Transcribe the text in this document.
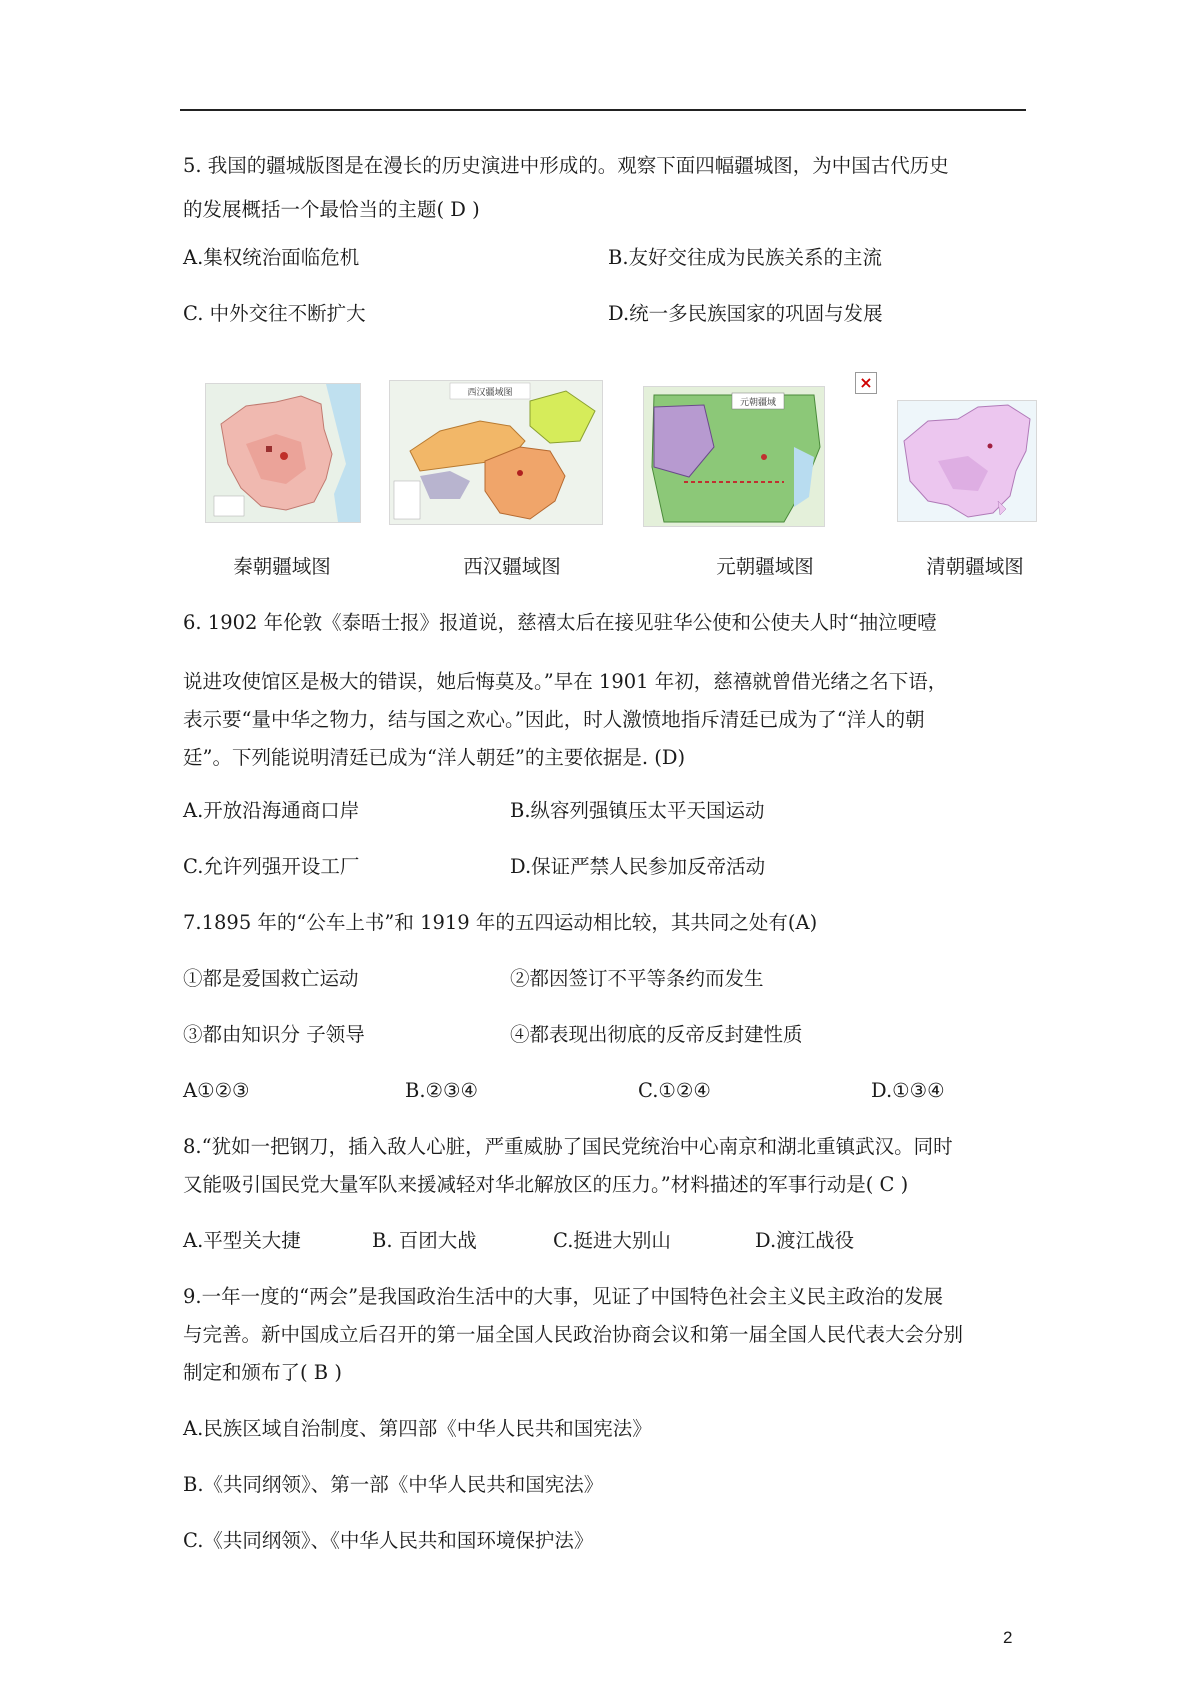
5. 我国的疆城版图是在漫长的历史演进中形成的。观察下面四幅疆城图，为中国古代历史
的发展概括一个最恰当的主题( D )
A.集权统治面临危机	B.友好交往成为民族关系的主流
C. 中外交往不断扩大	D.统一多民族国家的巩固与发展
秦朝疆域图
西汉疆域图
西汉疆域图
元朝疆域
元朝疆域图
×
清朝疆域图
6. 1902 年伦敦《泰晤士报》报道说，慈禧太后在接见驻华公使和公使夫人时“抽泣哽噎
说进攻使馆区是极大的错误，她后悔莫及。”早在 1901 年初，慈禧就曾借光绪之名下语，
表示要“量中华之物力，结与国之欢心。”因此，时人激愤地指斥清廷已成为了“洋人的朝
廷”。下列能说明清廷已成为“洋人朝廷”的主要依据是. (D)
A.开放沿海通商口岸	B.纵容列强镇压太平天国运动
C.允许列强开设工厂	D.保证严禁人民参加反帝活动
7.1895 年的“公车上书”和 1919 年的五四运动相比较，其共同之处有(A)
①都是爱国救亡运动	②都因签订不平等条约而发生
③都由知识分 子领导	④都表现出彻底的反帝反封建性质
A①②③	B.②③④	C.①②④	D.①③④
8.“犹如一把钢刀，插入敌人心脏，严重威胁了国民党统治中心南京和湖北重镇武汉。同时
又能吸引国民党大量军队来援减轻对华北解放区的压力。”材料描述的军事行动是( C )
A.平型关大捷	B. 百团大战	C.挺进大别山	D.渡江战役
9.一年一度的“两会”是我国政治生活中的大事，见证了中国特色社会主义民主政治的发展
与完善。新中国成立后召开的第一届全国人民政治协商会议和第一届全国人民代表大会分别
制定和颁布了( B )
A.民族区域自治制度、第四部《中华人民共和国宪法》
B.《共同纲领》、第一部《中华人民共和国宪法》
C.《共同纲领》、《中华人民共和国环境保护法》
2
